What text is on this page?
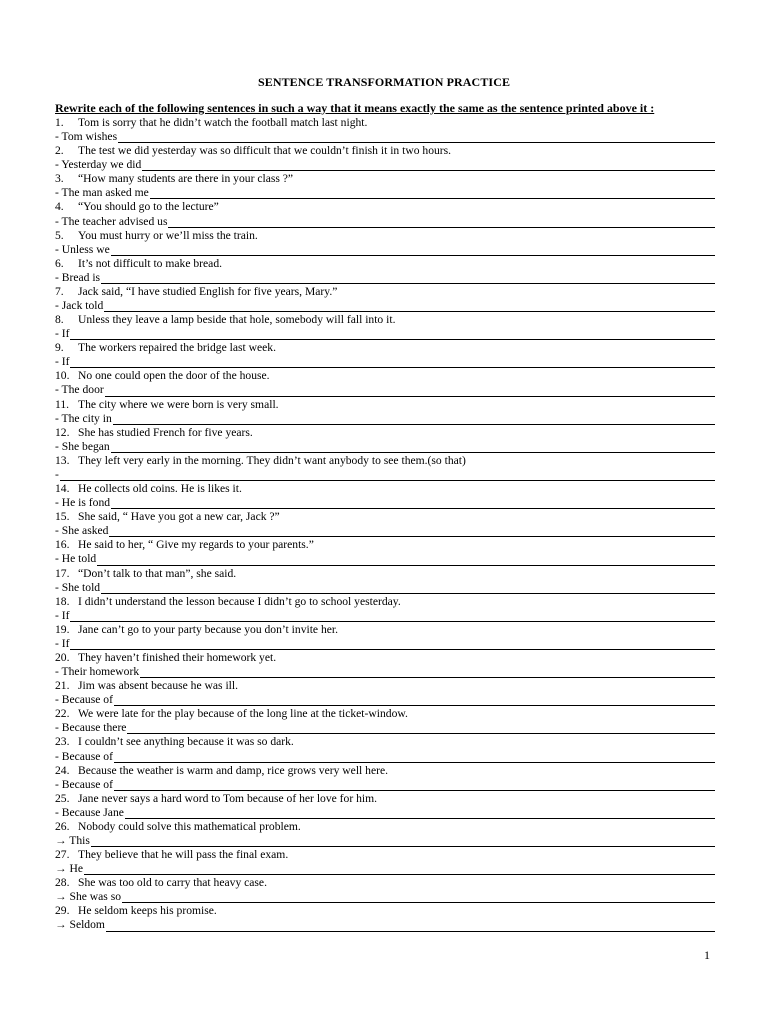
SENTENCE TRANSFORMATION PRACTICE
Rewrite each of the following sentences in such a way that it means exactly the same as the sentence printed above it :
1.	Tom is sorry that he didn’t watch the football match last night.
- Tom wishes
2.	The test we did yesterday was so difficult that we couldn’t finish it in two hours.
- Yesterday we did
3.	“How many students are there in your class ?”
- The man asked me
4.	“You should go to the lecture”
- The teacher advised us
5.	You must hurry or we’ll miss the train.
- Unless we
6.	It’s not difficult to make bread.
- Bread is
7.	Jack said, “I have studied English for five years, Mary.”
- Jack told
8.	Unless they leave a lamp beside that hole, somebody will fall into it.
- If
9.	The workers repaired the bridge last week.
- If
10. No one could open the door of the house.
- The door
11. The city where we were born is very small.
- The city in
12. She has studied French for five years.
- She began
13. They left very early in the morning. They didn’t want anybody to see them.(so that)
-
14. He collects old coins. He is likes it.
- He is fond
15. She said, “ Have you got a new car, Jack ?”
- She asked
16. He said to her, “ Give my regards to your parents.”
- He told
17. “Don’t talk to that man”, she said.
- She told
18. I didn’t understand the lesson because I didn’t go to school yesterday.
- If
19. Jane can’t go to your party because you don’t invite her.
- If
20. They haven’t finished their homework yet.
- Their homework
21. Jim was absent because he was ill.
- Because of
22. We were late for the play because of the long line at the ticket-window.
- Because there
23. I couldn’t see anything because it was so dark.
- Because of
24. Because the weather is warm and damp, rice grows very well here.
- Because of
25. Jane never says a hard word to Tom because of her love for him.
- Because Jane
26. Nobody could solve this mathematical problem.
→ This
27. They believe that he will pass the final exam.
→ He
28. She was too old to carry that heavy case.
→ She was so
29. He seldom keeps his promise.
→ Seldom
1
